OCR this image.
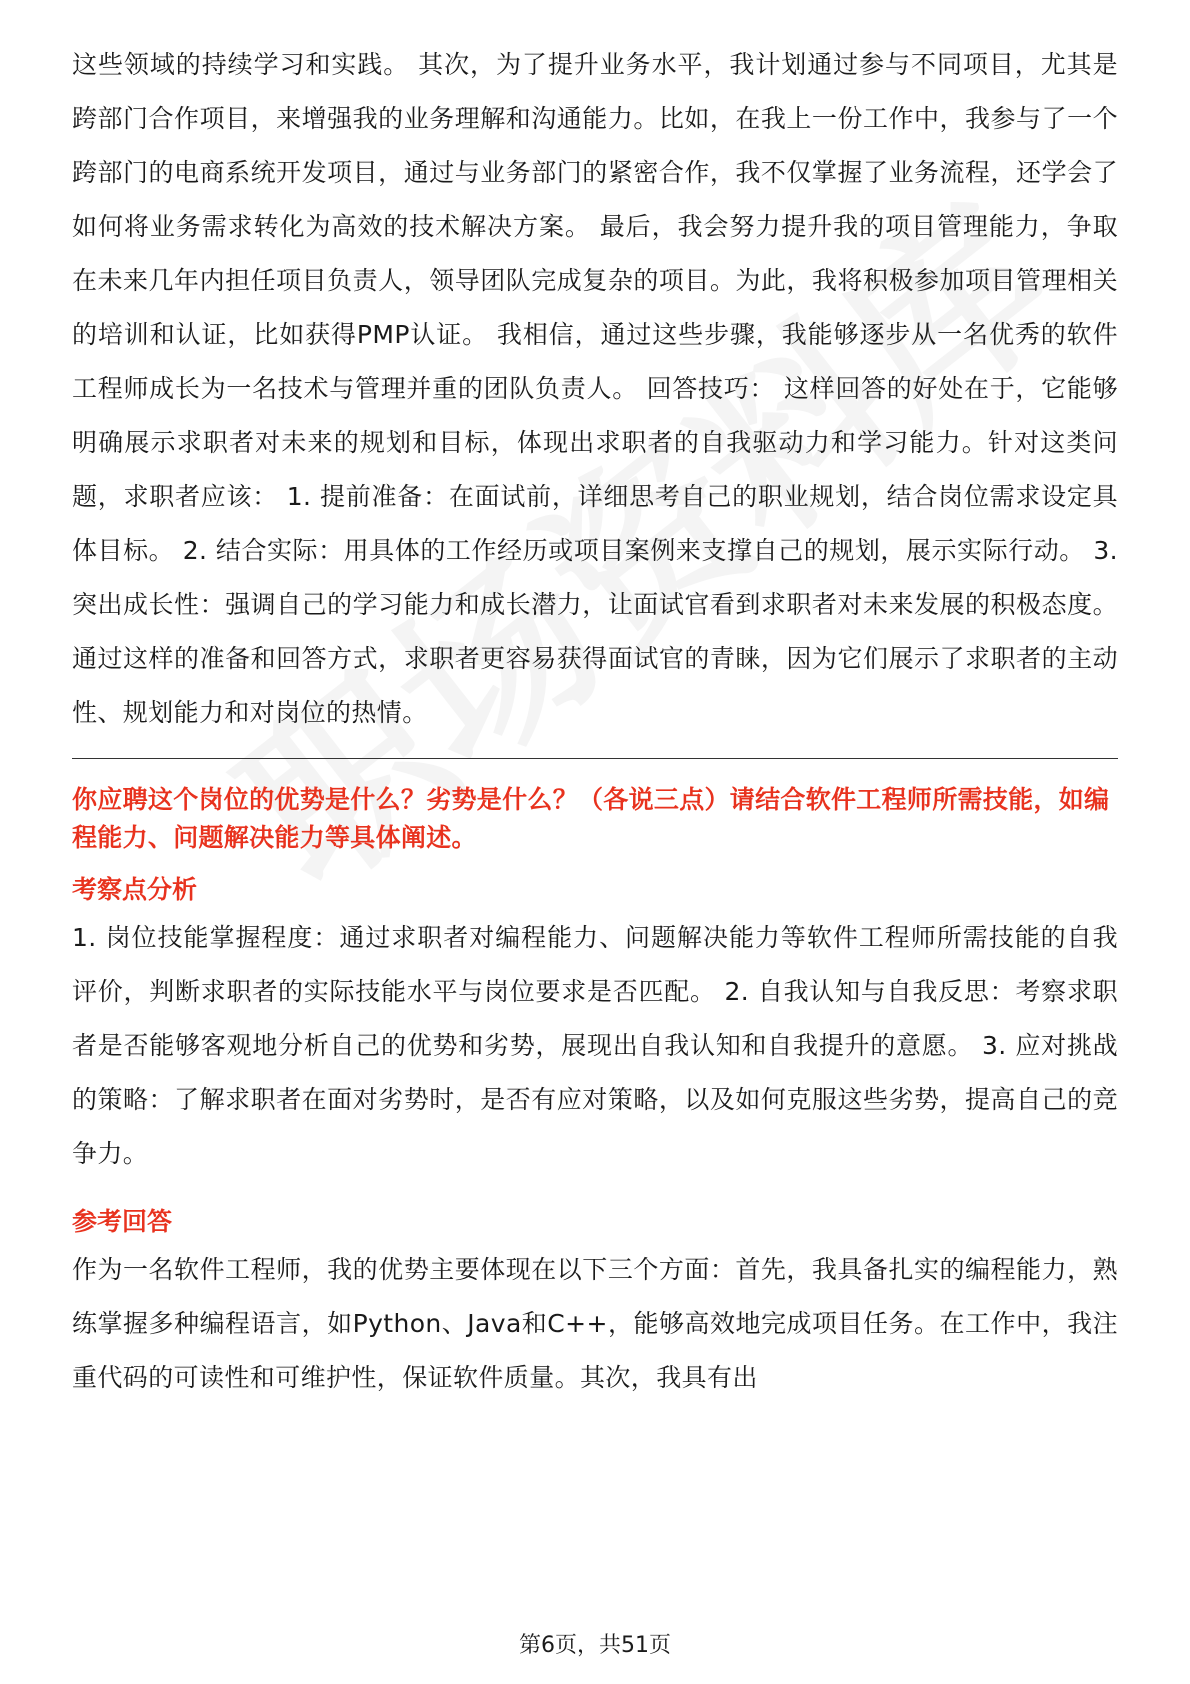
这些领域的持续学习和实践。 其次，为了提升业务水平，我计划通过参与不同项目，尤其是跨部门合作项目，来增强我的业务理解和沟通能力。比如，在我上一份工作中，我参与了一个跨部门的电商系统开发项目，通过与业务部门的紧密合作，我不仅掌握了业务流程，还学会了如何将业务需求转化为高效的技术解决方案。 最后，我会努力提升我的项目管理能力，争取在未来几年内担任项目负责人，领导团队完成复杂的项目。为此，我将积极参加项目管理相关的培训和认证，比如获得PMP认证。 我相信，通过这些步骤，我能够逐步从一名优秀的软件工程师成长为一名技术与管理并重的团队负责人。 回答技巧： 这样回答的好处在于，它能够明确展示求职者对未来的规划和目标，体现出求职者的自我驱动力和学习能力。针对这类问题，求职者应该： 1. 提前准备：在面试前，详细思考自己的职业规划，结合岗位需求设定具体目标。 2. 结合实际：用具体的工作经历或项目案例来支撑自己的规划，展示实际行动。 3. 突出成长性：强调自己的学习能力和成长潜力，让面试官看到求职者对未来发展的积极态度。 通过这样的准备和回答方式，求职者更容易获得面试官的青睐，因为它们展示了求职者的主动性、规划能力和对岗位的热情。

你应聘这个岗位的优势是什么？劣势是什么？（各说三点）请结合软件工程师所需技能，如编程能力、问题解决能力等具体阐述。

考察点分析

1. 岗位技能掌握程度：通过求职者对编程能力、问题解决能力等软件工程师所需技能的自我评价，判断求职者的实际技能水平与岗位要求是否匹配。 2. 自我认知与自我反思：考察求职者是否能够客观地分析自己的优势和劣势，展现出自我认知和自我提升的意愿。 3. 应对挑战的策略：了解求职者在面对劣势时，是否有应对策略，以及如何克服这些劣势，提高自己的竞争力。

参考回答

作为一名软件工程师，我的优势主要体现在以下三个方面：首先，我具备扎实的编程能力，熟练掌握多种编程语言，如Python、Java和C++，能够高效地完成项目任务。在工作中，我注重代码的可读性和可维护性，保证软件质量。其次，我具有出

第6页，共51页
